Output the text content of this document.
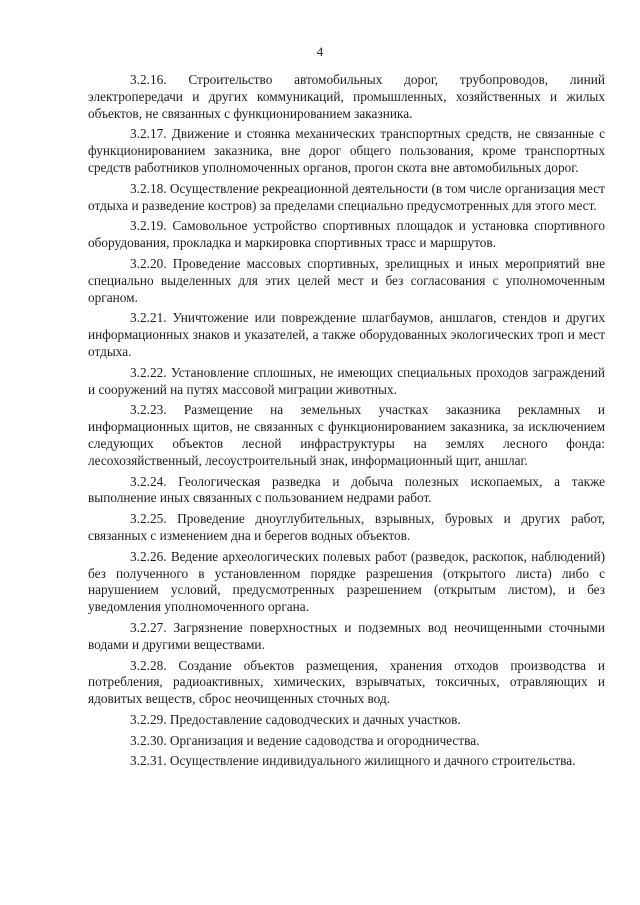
4

3.2.16. Строительство автомобильных дорог, трубопроводов, линий электропередачи и других коммуникаций, промышленных, хозяйственных и жилых объектов, не связанных с функционированием заказника.

3.2.17. Движение и стоянка механических транспортных средств, не связанные с функционированием заказника, вне дорог общего пользования, кроме транспортных средств работников уполномоченных органов, прогон скота вне автомобильных дорог.

3.2.18. Осуществление рекреационной деятельности (в том числе организация мест отдыха и разведение костров) за пределами специально предусмотренных для этого мест.

3.2.19. Самовольное устройство спортивных площадок и установка спортивного оборудования, прокладка и маркировка спортивных трасс и маршрутов.

3.2.20. Проведение массовых спортивных, зрелищных и иных мероприятий вне специально выделенных для этих целей мест и без согласования с уполномоченным органом.

3.2.21. Уничтожение или повреждение шлагбаумов, аншлагов, стендов и других информационных знаков и указателей, а также оборудованных экологических троп и мест отдыха.

3.2.22. Установление сплошных, не имеющих специальных проходов заграждений и сооружений на путях массовой миграции животных.

3.2.23. Размещение на земельных участках заказника рекламных и информационных щитов, не связанных с функционированием заказника, за исключением следующих объектов лесной инфраструктуры на землях лесного фонда: лесохозяйственный, лесоустроительный знак, информационный щит, аншлаг.

3.2.24. Геологическая разведка и добыча полезных ископаемых, а также выполнение иных связанных с пользованием недрами работ.

3.2.25. Проведение дноуглубительных, взрывных, буровых и других работ, связанных с изменением дна и берегов водных объектов.

3.2.26. Ведение археологических полевых работ (разведок, раскопок, наблюдений) без полученного в установленном порядке разрешения (открытого листа) либо с нарушением условий, предусмотренных разрешением (открытым листом), и без уведомления уполномоченного органа.

3.2.27. Загрязнение поверхностных и подземных вод неочищенными сточными водами и другими веществами.

3.2.28. Создание объектов размещения, хранения отходов производства и потребления, радиоактивных, химических, взрывчатых, токсичных, отравляющих и ядовитых веществ, сброс неочищенных сточных вод.

3.2.29. Предоставление садоводческих и дачных участков.

3.2.30. Организация и ведение садоводства и огородничества.

3.2.31. Осуществление индивидуального жилищного и дачного строительства.
